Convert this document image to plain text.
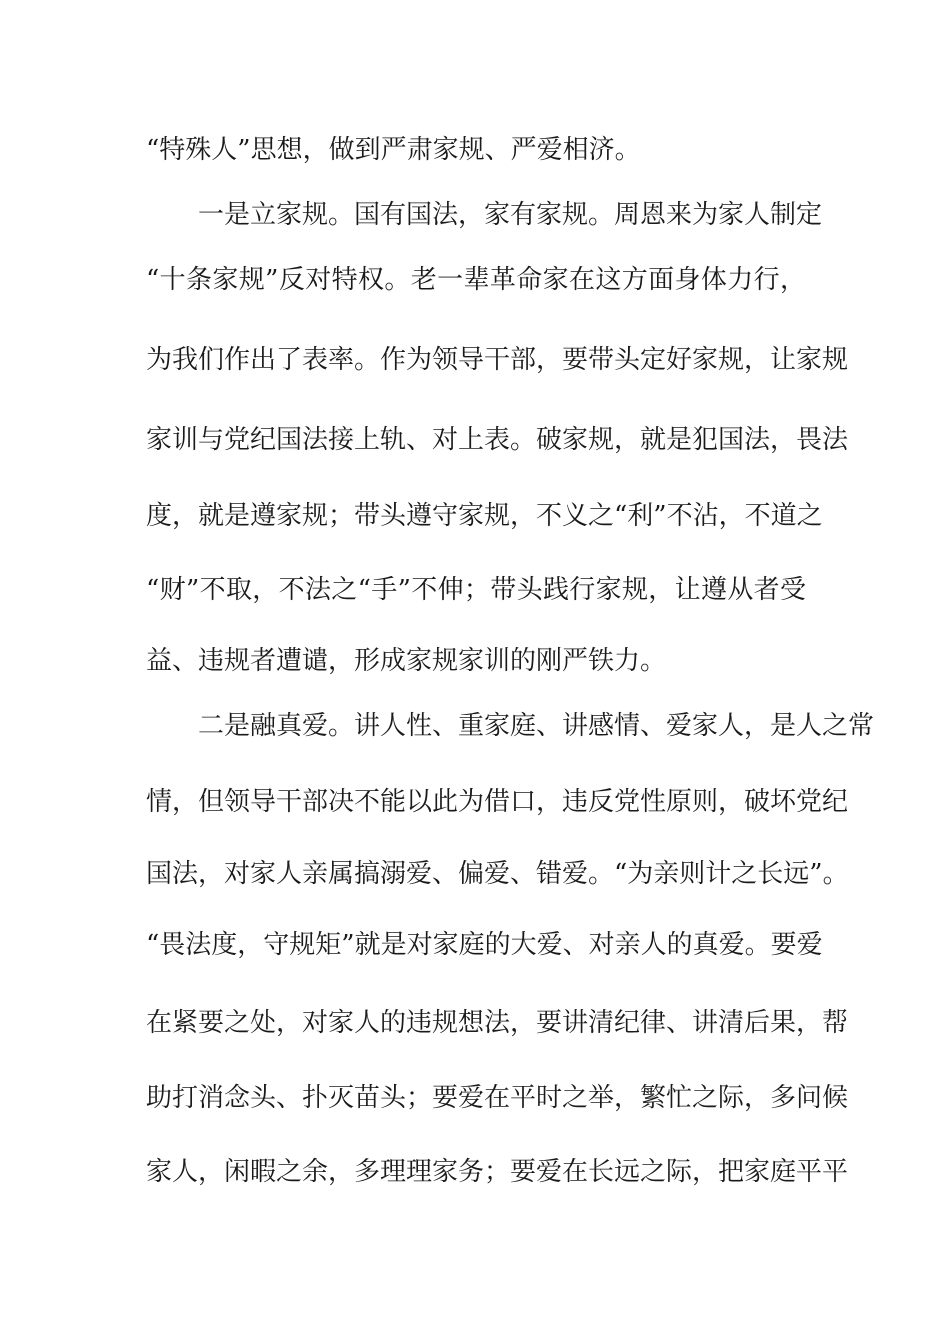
“特殊人”思想，做到严肃家规、严爱相济。
一是立家规。国有国法，家有家规。周恩来为家人制定
“十条家规”反对特权。老一辈革命家在这方面身体力行，
为我们作出了表率。作为领导干部，要带头定好家规，让家规
家训与党纪国法接上轨、对上表。破家规，就是犯国法，畏法
度，就是遵家规；带头遵守家规，不义之“利”不沾，不道之
“财”不取，不法之“手”不伸；带头践行家规，让遵从者受
益、违规者遭谴，形成家规家训的刚严铁力。
二是融真爱。讲人性、重家庭、讲感情、爱家人，是人之常
情，但领导干部决不能以此为借口，违反党性原则，破坏党纪
国法，对家人亲属搞溺爱、偏爱、错爱。“为亲则计之长远”。
“畏法度，守规矩”就是对家庭的大爱、对亲人的真爱。要爱
在紧要之处，对家人的违规想法，要讲清纪律、讲清后果，帮
助打消念头、扑灭苗头；要爱在平时之举，繁忙之际，多问候
家人，闲暇之余，多理理家务；要爱在长远之际，把家庭平平
